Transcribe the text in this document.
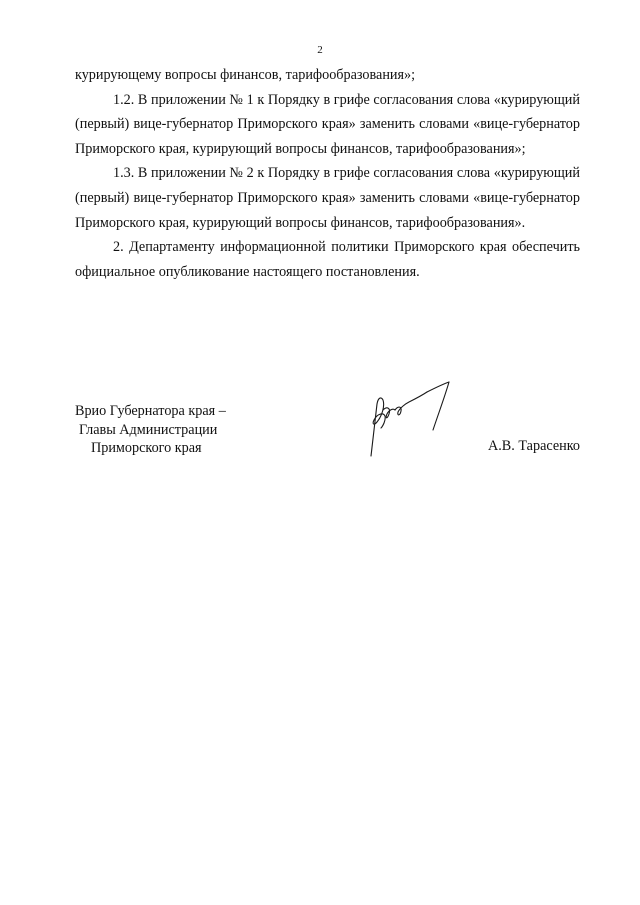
2

курирующему вопросы финансов, тарифообразования»;

1.2. В приложении № 1 к Порядку в грифе согласования слова «курирующий (первый) вице-губернатор Приморского края» заменить словами «вице-губернатор Приморского края, курирующий вопросы финансов, тарифообразования»;

1.3. В приложении № 2 к Порядку в грифе согласования слова «курирующий (первый) вице-губернатор Приморского края» заменить словами «вице-губернатор Приморского края, курирующий вопросы финансов, тарифообразования».

2. Департаменту информационной политики Приморского края обеспечить официальное опубликование настоящего постановления.

Врио Губернатора края –
Главы Администрации
Приморского края	А.В. Тарасенко
